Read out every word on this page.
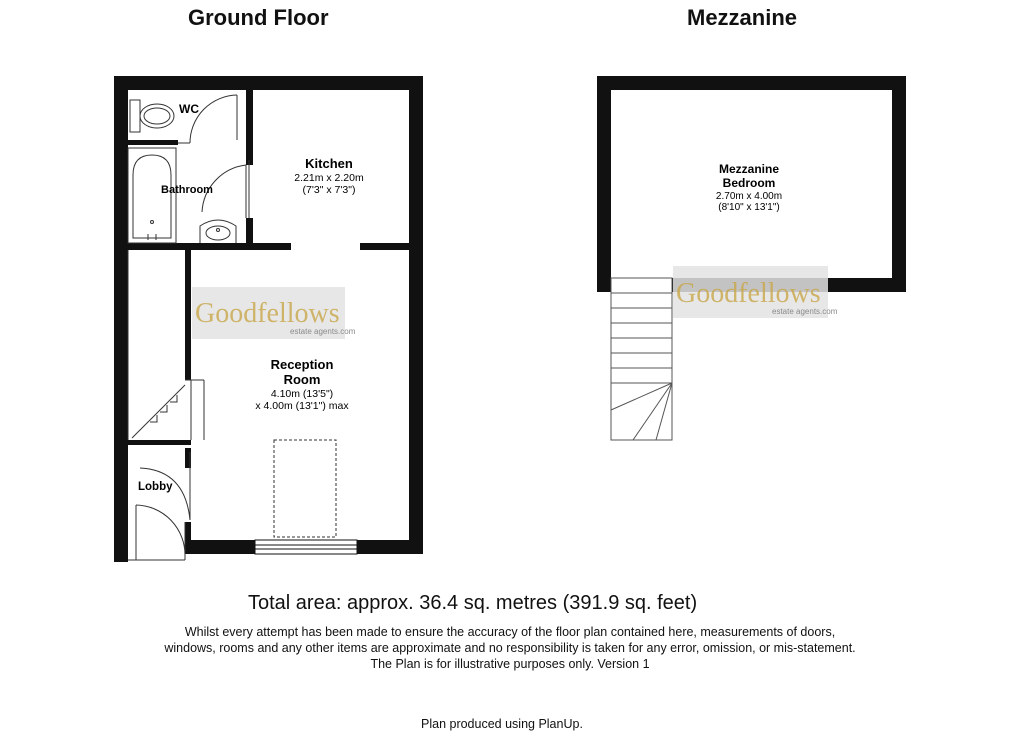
Ground Floor	Mezzanine
WC
Bathroom
Kitchen
2.21m x 2.20m
(7'3" x 7'3")
Reception
Room
4.10m (13'5")
x 4.00m (13'1") max
Lobby
Goodfellows
estate agents.com
Mezzanine
Bedroom
2.70m x 4.00m
(8'10" x 13'1")
Goodfellows
estate agents.com
Total area: approx. 36.4 sq. metres (391.9 sq. feet)
Whilst every attempt has been made to ensure the accuracy of the floor plan contained here, measurements of doors, windows, rooms and any other items are approximate and no responsibility is taken for any error, omission, or mis-statement. The Plan is for illustrative purposes only. Version 1
Plan produced using PlanUp.
